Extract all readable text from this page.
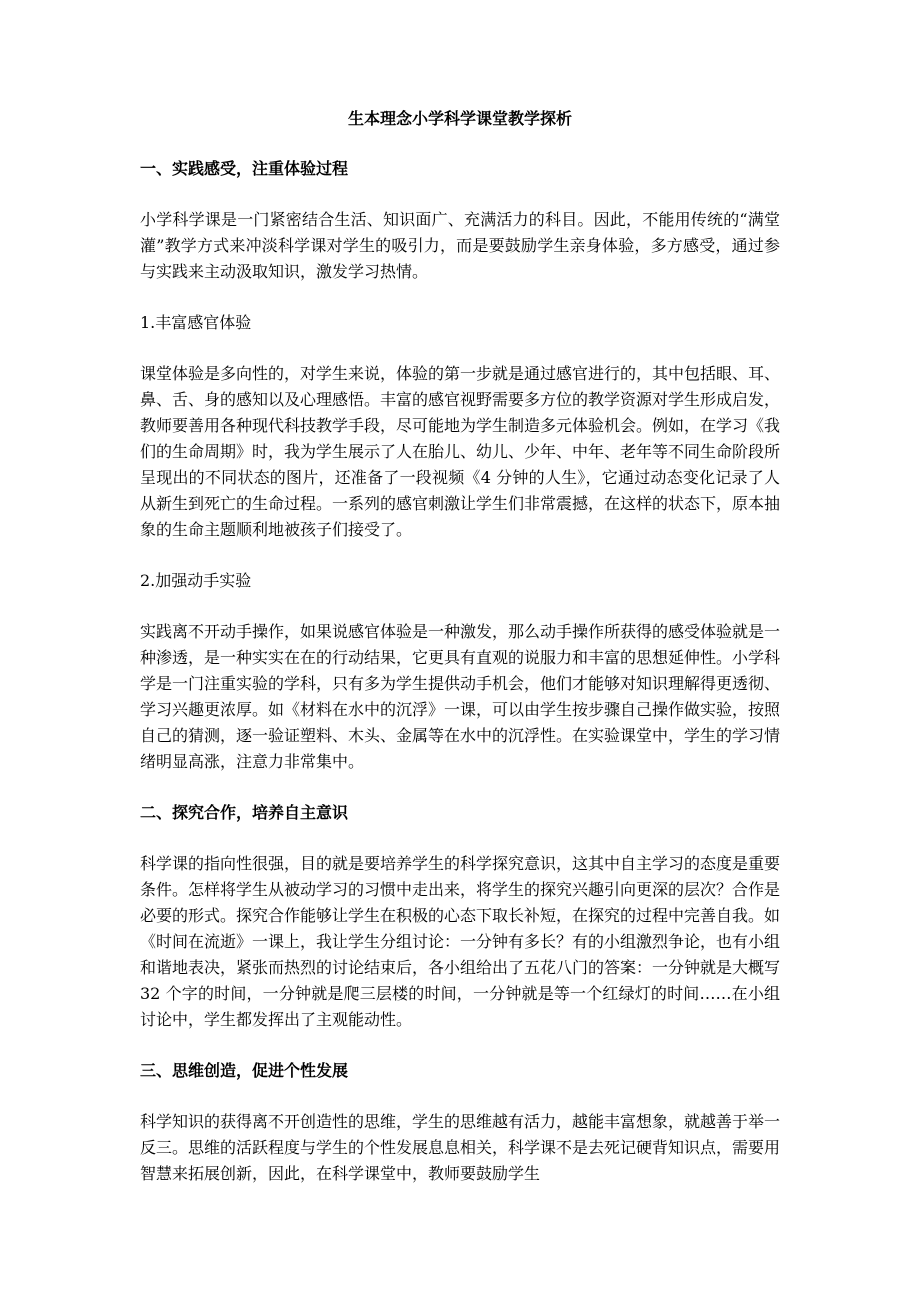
生本理念小学科学课堂教学探析
一、实践感受，注重体验过程

小学科学课是一门紧密结合生活、知识面广、充满活力的科目。因此，不能用传统的“满堂灌”教学方式来冲淡科学课对学生的吸引力，而是要鼓励学生亲身体验，多方感受，通过参与实践来主动汲取知识，激发学习热情。

1.丰富感官体验

课堂体验是多向性的，对学生来说，体验的第一步就是通过感官进行的，其中包括眼、耳、鼻、舌、身的感知以及心理感悟。丰富的感官视野需要多方位的教学资源对学生形成启发，教师要善用各种现代科技教学手段，尽可能地为学生制造多元体验机会。例如，在学习《我们的生命周期》时，我为学生展示了人在胎儿、幼儿、少年、中年、老年等不同生命阶段所呈现出的不同状态的图片，还准备了一段视频《4 分钟的人生》，它通过动态变化记录了人从新生到死亡的生命过程。一系列的感官刺激让学生们非常震撼，在这样的状态下，原本抽象的生命主题顺利地被孩子们接受了。

2.加强动手实验

实践离不开动手操作，如果说感官体验是一种激发，那么动手操作所获得的感受体验就是一种渗透，是一种实实在在的行动结果，它更具有直观的说服力和丰富的思想延伸性。小学科学是一门注重实验的学科，只有多为学生提供动手机会，他们才能够对知识理解得更透彻、学习兴趣更浓厚。如《材料在水中的沉浮》一课，可以由学生按步骤自己操作做实验，按照自己的猜测，逐一验证塑料、木头、金属等在水中的沉浮性。在实验课堂中，学生的学习情绪明显高涨，注意力非常集中。

二、探究合作，培养自主意识

科学课的指向性很强，目的就是要培养学生的科学探究意识，这其中自主学习的态度是重要条件。怎样将学生从被动学习的习惯中走出来，将学生的探究兴趣引向更深的层次？合作是必要的形式。探究合作能够让学生在积极的心态下取长补短，在探究的过程中完善自我。如《时间在流逝》一课上，我让学生分组讨论：一分钟有多长？有的小组激烈争论，也有小组和谐地表决，紧张而热烈的讨论结束后，各小组给出了五花八门的答案：一分钟就是大概写 32 个字的时间，一分钟就是爬三层楼的时间，一分钟就是等一个红绿灯的时间……在小组讨论中，学生都发挥出了主观能动性。

三、思维创造，促进个性发展

科学知识的获得离不开创造性的思维，学生的思维越有活力，越能丰富想象，就越善于举一反三。思维的活跃程度与学生的个性发展息息相关，科学课不是去死记硬背知识点，需要用智慧来拓展创新，因此，在科学课堂中，教师要鼓励学生
